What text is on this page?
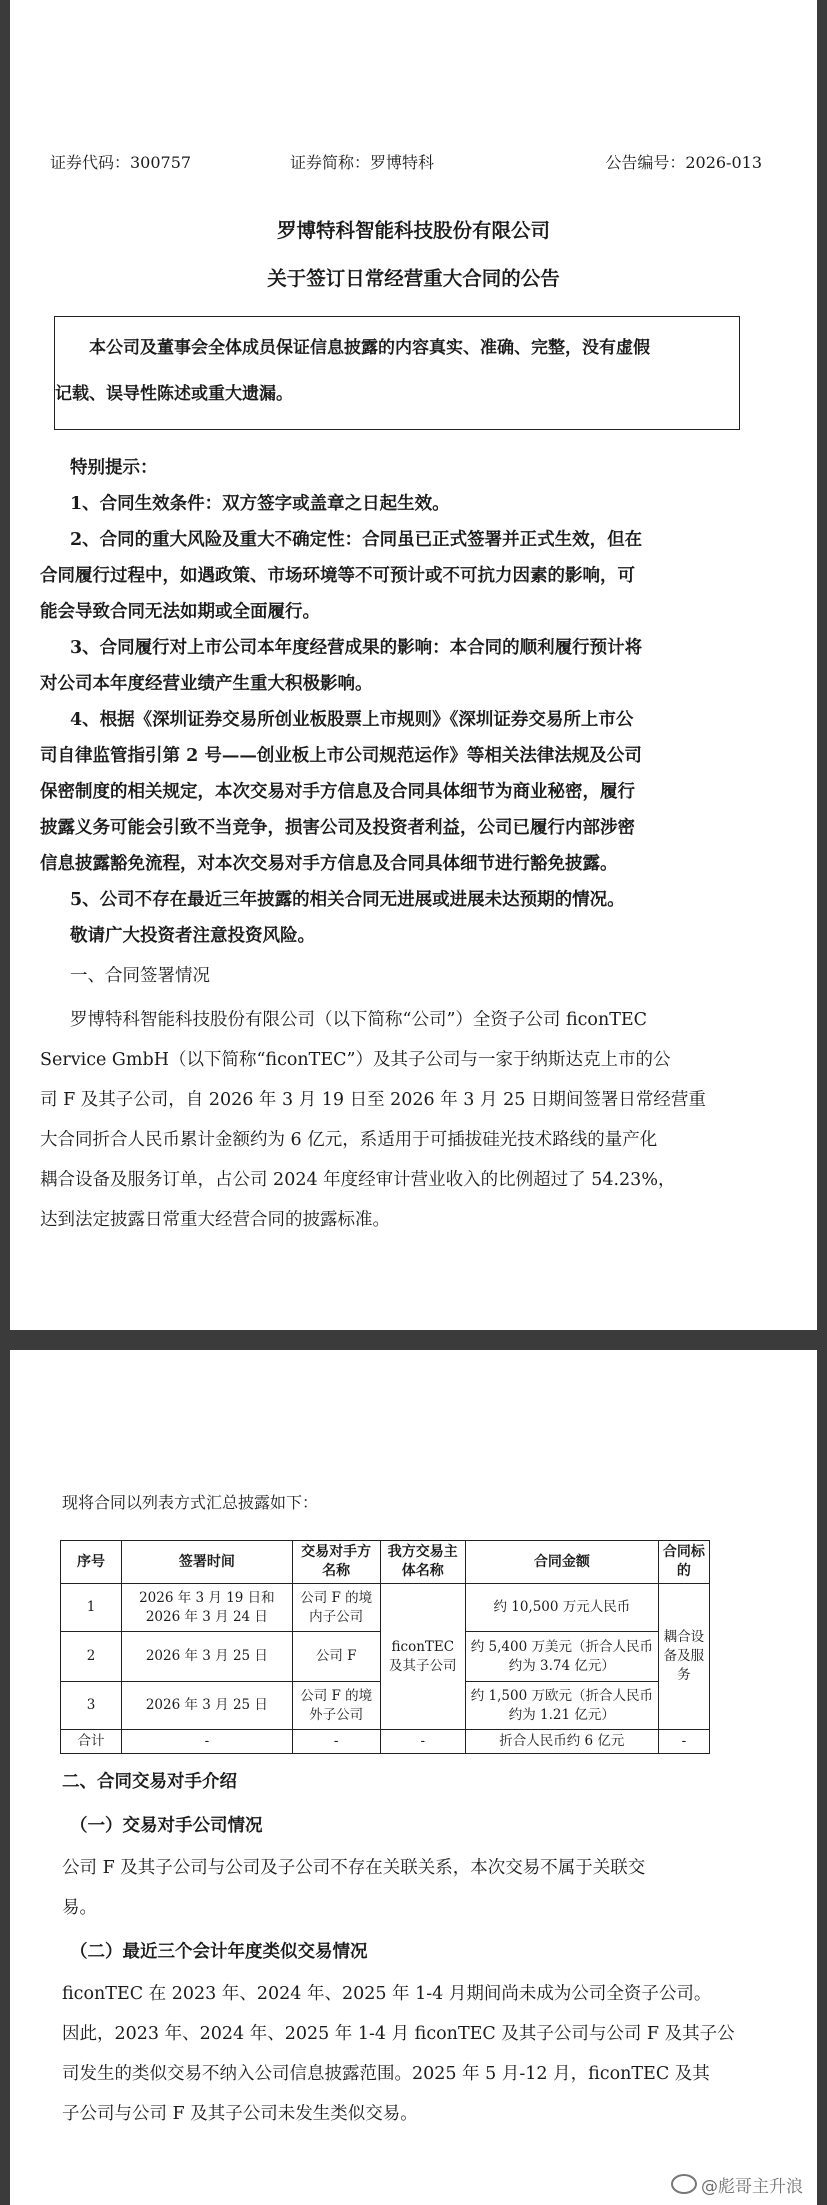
证券代码：300757	证券简称：罗博特科	公告编号：2026-013
罗博特科智能科技股份有限公司
关于签订日常经营重大合同的公告
本公司及董事会全体成员保证信息披露的内容真实、准确、完整，没有虚假
记载、误导性陈述或重大遗漏。
特别提示：
1、合同生效条件：双方签字或盖章之日起生效。
2、合同的重大风险及重大不确定性：合同虽已正式签署并正式生效，但在
合同履行过程中，如遇政策、市场环境等不可预计或不可抗力因素的影响，可
能会导致合同无法如期或全面履行。
3、合同履行对上市公司本年度经营成果的影响：本合同的顺利履行预计将
对公司本年度经营业绩产生重大积极影响。
4、根据《深圳证券交易所创业板股票上市规则》《深圳证券交易所上市公
司自律监管指引第 2 号——创业板上市公司规范运作》等相关法律法规及公司
保密制度的相关规定，本次交易对手方信息及合同具体细节为商业秘密，履行
披露义务可能会引致不当竞争，损害公司及投资者利益，公司已履行内部涉密
信息披露豁免流程，对本次交易对手方信息及合同具体细节进行豁免披露。
5、公司不存在最近三年披露的相关合同无进展或进展未达预期的情况。
敬请广大投资者注意投资风险。
一、合同签署情况
罗博特科智能科技股份有限公司（以下简称“公司”）全资子公司 ficonTEC
Service GmbH（以下简称“ficonTEC”）及其子公司与一家于纳斯达克上市的公
司 F 及其子公司，自 2026 年 3 月 19 日至 2026 年 3 月 25 日期间签署日常经营重
大合同折合人民币累计金额约为 6 亿元，系适用于可插拔硅光技术路线的量产化
耦合设备及服务订单，占公司 2024 年度经审计营业收入的比例超过了 54.23%，
达到法定披露日常重大经营合同的披露标准。
现将合同以列表方式汇总披露如下：
序号	签署时间	交易对手方名称	我方交易主体名称	合同金额	合同标的
1	2026 年 3 月 19 日和 2026 年 3 月 24 日	公司 F 的境内子公司	ficonTEC 及其子公司	约 10,500 万元人民币	耦合设备及服务
2	2026 年 3 月 25 日	公司 F		约 5,400 万美元（折合人民币约为 3.74 亿元）	
3	2026 年 3 月 25 日	公司 F 的境外子公司		约 1,500 万欧元（折合人民币约为 1.21 亿元）	
合计	-	-	-	折合人民币约 6 亿元	-
二、合同交易对手介绍
（一）交易对手公司情况
公司 F 及其子公司与公司及子公司不存在关联关系，本次交易不属于关联交
易。
（二）最近三个会计年度类似交易情况
ficonTEC 在 2023 年、2024 年、2025 年 1-4 月期间尚未成为公司全资子公司。
因此，2023 年、2024 年、2025 年 1-4 月 ficonTEC 及其子公司与公司 F 及其子公
司发生的类似交易不纳入公司信息披露范围。2025 年 5 月-12 月，ficonTEC 及其
子公司与公司 F 及其子公司未发生类似交易。
@彪哥主升浪
